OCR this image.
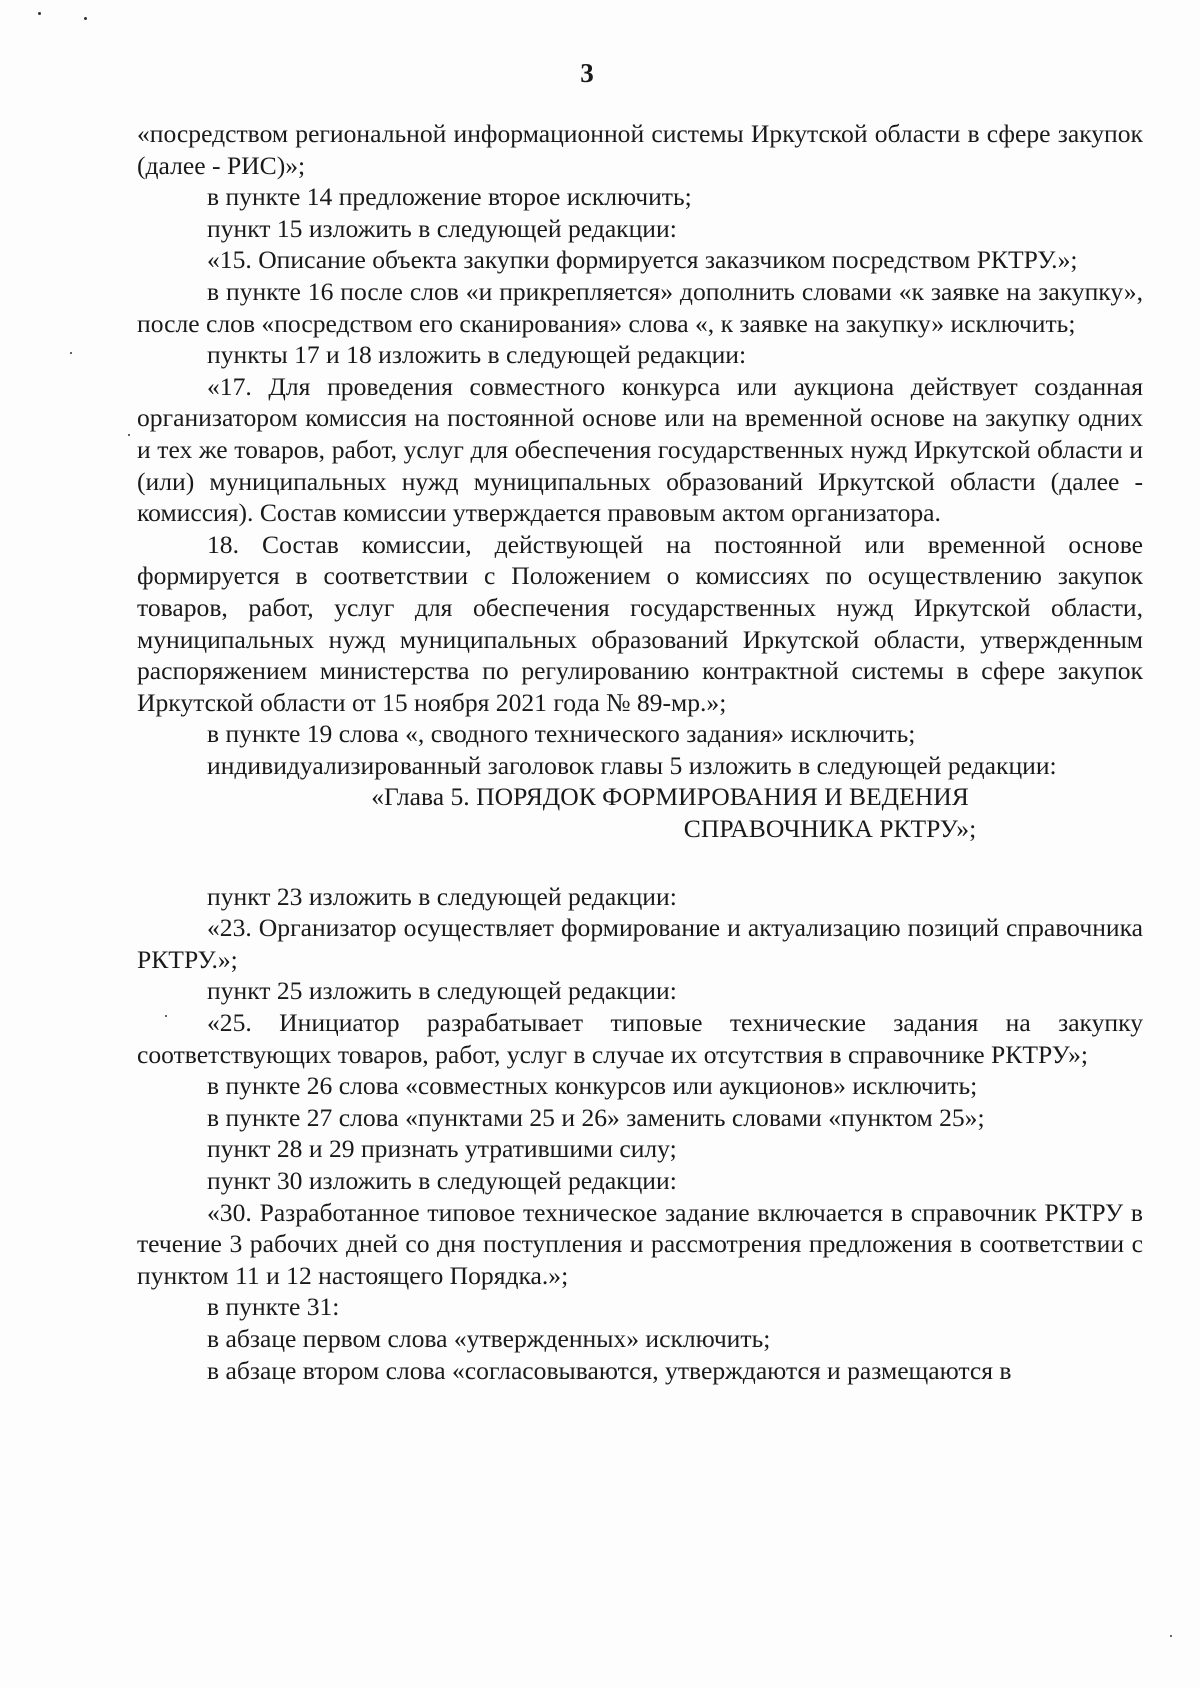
3

«посредством региональной информационной системы Иркутской области в сфере закупок (далее - РИС)»;

в пункте 14 предложение второе исключить;

пункт 15 изложить в следующей редакции:

«15. Описание объекта закупки формируется заказчиком посредством РКТРУ.»;

в пункте 16 после слов «и прикрепляется» дополнить словами «к заявке на закупку», после слов «посредством его сканирования» слова «, к заявке на закупку» исключить;

пункты 17 и 18 изложить в следующей редакции:

«17. Для проведения совместного конкурса или аукциона действует созданная организатором комиссия на постоянной основе или на временной основе на закупку одних и тех же товаров, работ, услуг для обеспечения государственных нужд Иркутской области и (или) муниципальных нужд муниципальных образований Иркутской области (далее - комиссия). Состав комиссии утверждается правовым актом организатора.

18. Состав комиссии, действующей на постоянной или временной основе формируется в соответствии с Положением о комиссиях по осуществлению закупок товаров, работ, услуг для обеспечения государственных нужд Иркутской области, муниципальных нужд муниципальных образований Иркутской области, утвержденным распоряжением министерства по регулированию контрактной системы в сфере закупок Иркутской области от 15 ноября 2021 года № 89-мр.»;

в пункте 19 слова «, сводного технического задания» исключить;

индивидуализированный заголовок главы 5 изложить в следующей редакции:

«Глава 5. ПОРЯДОК ФОРМИРОВАНИЯ И ВЕДЕНИЯ
СПРАВОЧНИКА РКТРУ»;

пункт 23 изложить в следующей редакции:

«23. Организатор осуществляет формирование и актуализацию позиций справочника РКТРУ.»;

пункт 25 изложить в следующей редакции:

«25. Инициатор разрабатывает типовые технические задания на закупку соответствующих товаров, работ, услуг в случае их отсутствия в справочнике РКТРУ»;

в пункте 26 слова «совместных конкурсов или аукционов» исключить;

в пункте 27 слова «пунктами 25 и 26» заменить словами «пунктом 25»;

пункт 28 и 29 признать утратившими силу;

пункт 30 изложить в следующей редакции:

«30. Разработанное типовое техническое задание включается в справочник РКТРУ в течение 3 рабочих дней со дня поступления и рассмотрения предложения в соответствии с пунктом 11 и 12 настоящего Порядка.»;

в пункте 31:

в абзаце первом слова «утвержденных» исключить;

в абзаце втором слова «согласовываются, утверждаются и размещаются в
